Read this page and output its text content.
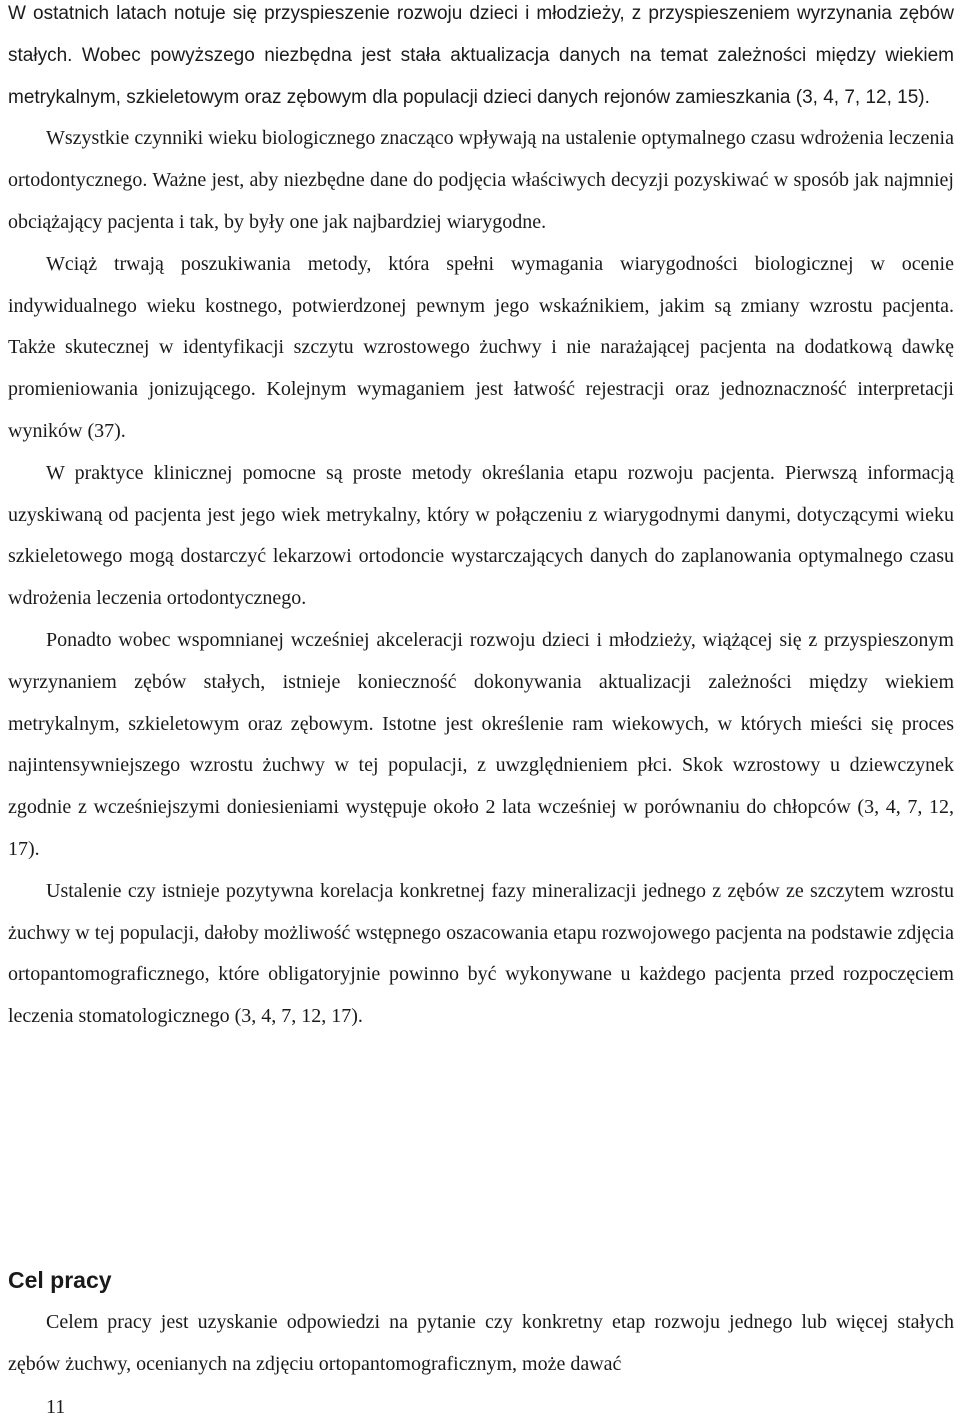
W ostatnich latach notuje się przyspieszenie rozwoju dzieci i młodzieży, z przyspieszeniem wyrzynania zębów stałych. Wobec powyższego niezbędna jest stała aktualizacja danych na temat zależności między wiekiem metrykalnym, szkieletowym oraz zębowym dla populacji dzieci danych rejonów zamieszkania (3, 4, 7, 12, 15).

Wszystkie czynniki wieku biologicznego znacząco wpływają na ustalenie optymalnego czasu wdrożenia leczenia ortodontycznego. Ważne jest, aby niezbędne dane do podjęcia właściwych decyzji pozyskiwać w sposób jak najmniej obciążający pacjenta i tak, by były one jak najbardziej wiarygodne.

Wciąż trwają poszukiwania metody, która spełni wymagania wiarygodności biologicznej w ocenie indywidualnego wieku kostnego, potwierdzonej pewnym jego wskaźnikiem, jakim są zmiany wzrostu pacjenta. Także skutecznej w identyfikacji szczytu wzrostowego żuchwy i nie narażającej pacjenta na dodatkową dawkę promieniowania jonizującego. Kolejnym wymaganiem jest łatwość rejestracji oraz jednoznaczność interpretacji wyników (37).

W praktyce klinicznej pomocne są proste metody określania etapu rozwoju pacjenta. Pierwszą informacją uzyskiwaną od pacjenta jest jego wiek metrykalny, który w połączeniu z wiarygodnymi danymi, dotyczącymi wieku szkieletowego mogą dostarczyć lekarzowi ortodoncie wystarczających danych do zaplanowania optymalnego czasu wdrożenia leczenia ortodontycznego.

Ponadto wobec wspomnianej wcześniej akceleracji rozwoju dzieci i młodzieży, wiążącej się z przyspieszonym wyrzynaniem zębów stałych, istnieje konieczność dokonywania aktualizacji zależności między wiekiem metrykalnym, szkieletowym oraz zębowym. Istotne jest określenie ram wiekowych, w których mieści się proces najintensywniejszego wzrostu żuchwy w tej populacji, z uwzględnieniem płci. Skok wzrostowy u dziewczynek zgodnie z wcześniejszymi doniesieniami występuje około 2 lata wcześniej w porównaniu do chłopców (3, 4, 7, 12, 17).

Ustalenie czy istnieje pozytywna korelacja konkretnej fazy mineralizacji jednego z zębów ze szczytem wzrostu żuchwy w tej populacji, dałoby możliwość wstępnego oszacowania etapu rozwojowego pacjenta na podstawie zdjęcia ortopantomograficznego, które obligatoryjnie powinno być wykonywane u każdego pacjenta przed rozpoczęciem leczenia stomatologicznego (3, 4, 7, 12, 17).

Cel pracy

Celem pracy jest uzyskanie odpowiedzi na pytanie czy konkretny etap rozwoju jednego lub więcej stałych zębów żuchwy, ocenianych na zdjęciu ortopantomograficznym, może dawać

11
